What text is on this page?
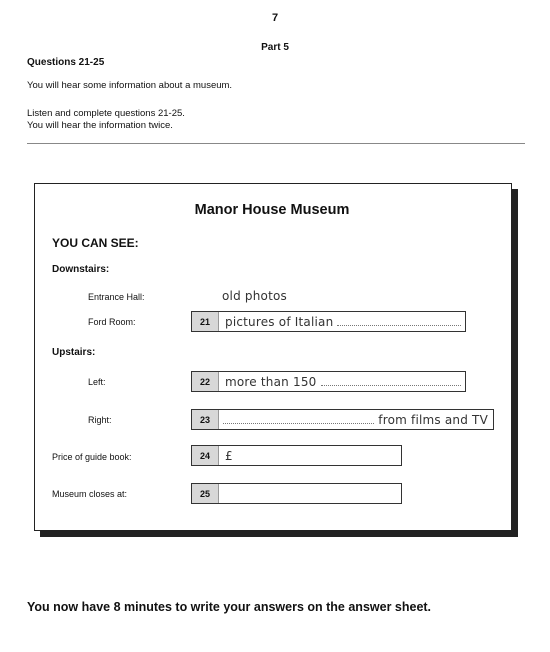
7
Part 5
Questions 21-25
You will hear some information about a museum.
Listen and complete questions 21-25.
You will hear the information twice.
Manor House Museum
YOU CAN SEE:
Downstairs:
Entrance Hall:	old photos
Ford Room:	21	pictures of Italian
Upstairs:
Left:	22	more than 150
Right:	23	from films and TV
Price of guide book:	24	£
Museum closes at:	25
You now have 8 minutes to write your answers on the answer sheet.
